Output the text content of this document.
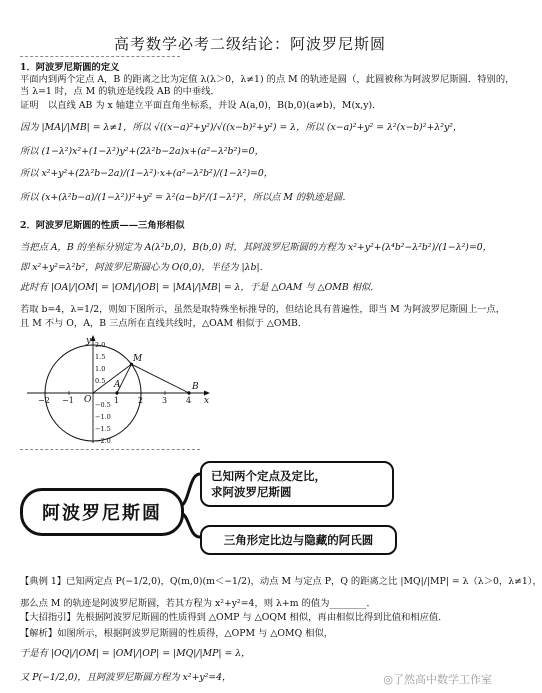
高考数学必考二级结论：阿波罗尼斯圆
1．阿波罗尼斯圆的定义
平面内到两个定点 A，B 的距离之比为定值 λ(λ＞0，λ≠1) 的点 M 的轨迹是圆（，此圆被称为阿波罗尼斯圆．特别的，
当 λ=1 时，点 M 的轨迹是线段 AB 的中垂线．
证明　以直线 AB 为 x 轴建立平面直角坐标系，并设 A(a,0)，B(b,0)(a≠b)，M(x,y)．
因为 |MA|/|MB| = λ≠1，所以 √((x−a)²+y²)/√((x−b)²+y²) = λ，所以 (x−a)²+y² = λ²(x−b)²+λ²y²，
所以 (1−λ²)x²+(1−λ²)y²+(2λ²b−2a)x+(a²−λ²b²)=0，
所以 x²+y²+(2λ²b−2a)/(1−λ²)·x+(a²−λ²b²)/(1−λ²)=0，
所以 (x+(λ²b−a)/(1−λ²))²+y² = λ²(a−b)²/(1−λ²)²，所以点 M 的轨迹是圆．
2．阿波罗尼斯圆的性质——三角形相似
当把点 A，B 的坐标分别定为 A(λ²b,0)，B(b,0) 时，其阿波罗尼斯圆的方程为 x²+y²+(λ⁴b²−λ²b²)/(1−λ²)=0，
即 x²+y²=λ²b²，阿波罗尼斯圆心为 O(0,0)，半径为 |λb|．
此时有 |OA|/|OM| = |OM|/|OB| = |MA|/|MB| = λ，于是 △OAM 与 △OMB 相似．
若取 b=4，λ=1/2，则如下图所示，虽然是取特殊坐标推导的，但结论具有普遍性，即当 M 为阿波罗尼斯圆上一点，
且 M 不与 O，A，B 三点所在直线共线时，△OAM 相似于 △OMB．
−2 −1	1 2 3 4
2.0
1.5
1.0
0.5
−0.5
−1.0
−1.5
−2.0
M
A	B
O	x
y
阿波罗尼斯圆
已知两个定点及定比，
求阿波罗尼斯圆
三角形定比边与隐藏的阿氏圆
【典例 1】已知两定点 P(−1/2,0)，Q(m,0)(m＜−1/2)，动点 M 与定点 P，Q 的距离之比 |MQ|/|MP| = λ（λ＞0，λ≠1），
那么点 M 的轨迹是阿波罗尼斯圆，若其方程为 x²+y²=4，则 λ+m 的值为________．
【大招指引】先根据阿波罗尼斯圆的性质得到 △OMP 与 △OQM 相似，再由相似比得到比值和相应值．
【解析】如图所示，根据阿波罗尼斯圆的性质得，△OPM 与 △OMQ 相似，
于是有 |OQ|/|OM| = |OM|/|OP| = |MQ|/|MP| = λ，
又 P(−1/2,0)，且阿波罗尼斯圆方程为 x²+y²=4，	◎了然高中数学工作室
